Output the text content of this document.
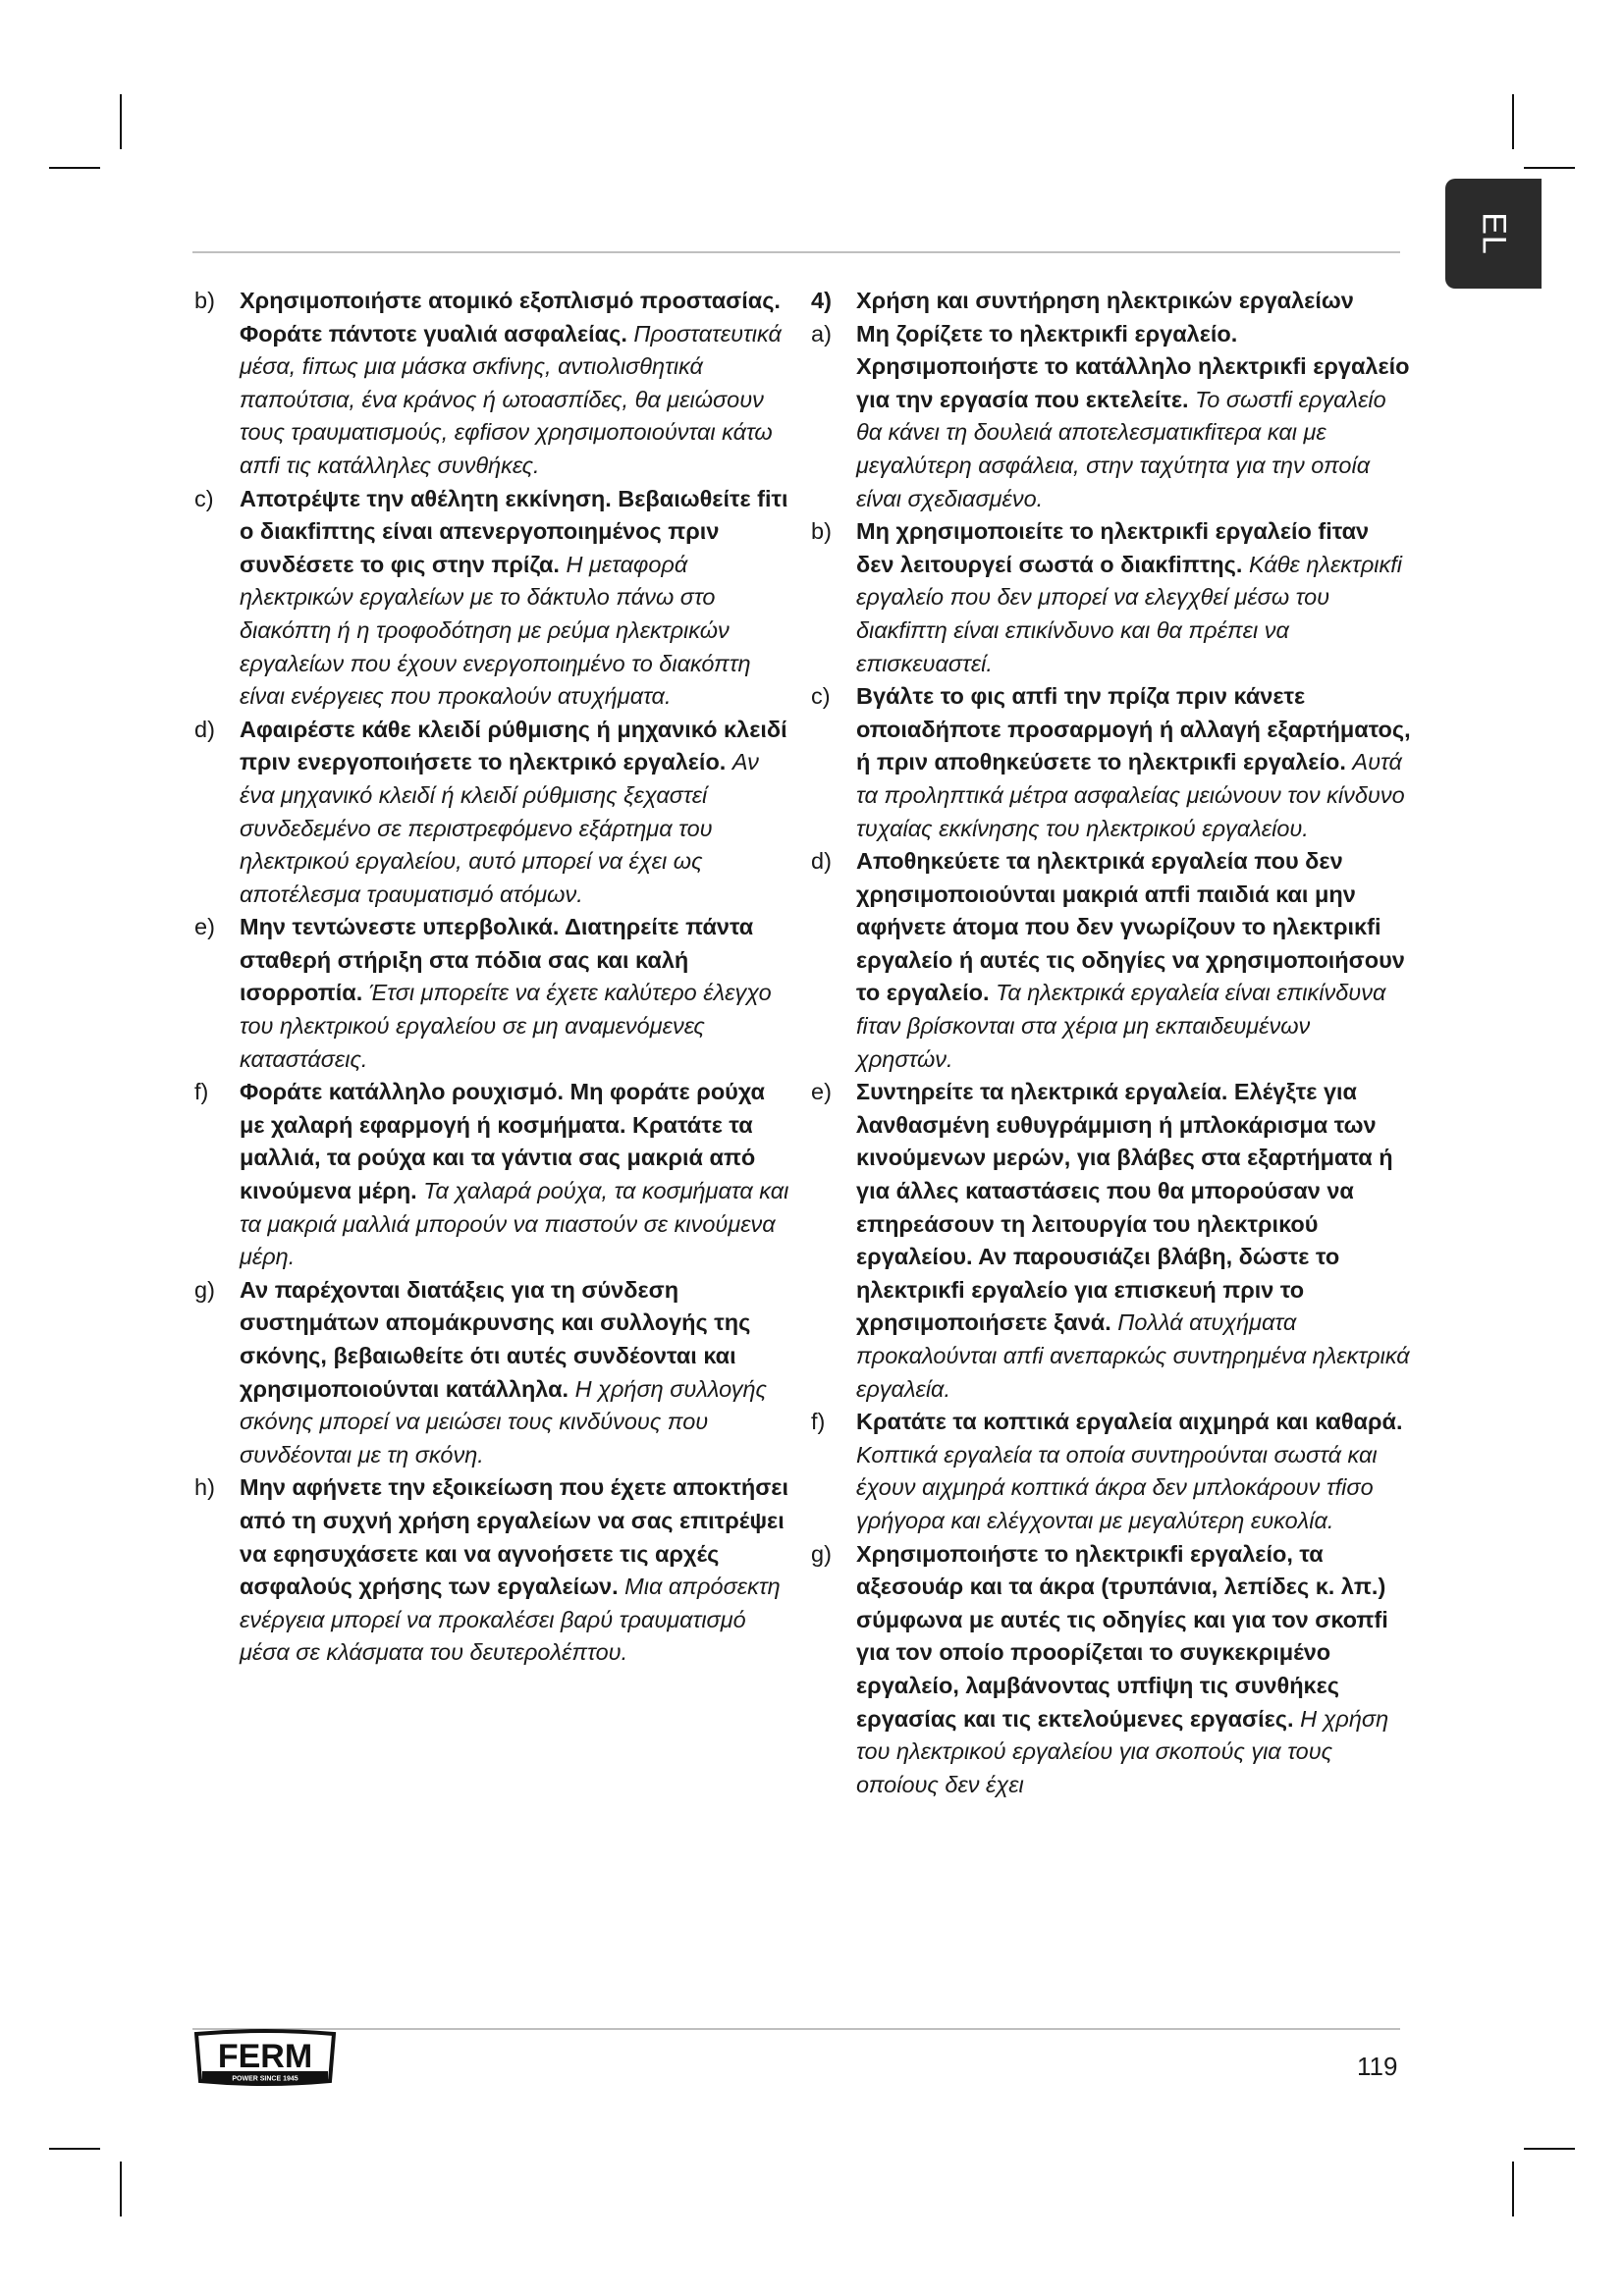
EL
b) Χρησιμοποιήστε ατομικό εξοπλισμό προστασίας. Φοράτε πάντοτε γυαλιά ασφαλείας. Προστατευτικά μέσα, fiπως μια μάσκα σκfiνης, αντιολισθητικά παπούτσια, ένα κράνος ή ωτοασπίδες, θα μειώσουν τους τραυματισμούς, εφfiσον χρησιμοποιούνται κάτω απfi τις κατάλληλες συνθήκες.
c) Αποτρέψτε την αθέλητη εκκίνηση. Βεβαιωθείτε fiτι ο διακfiπτης είναι απενεργοποιημένος πριν συνδέσετε το φις στην πρίζα. Η μεταφορά ηλεκτρικών εργαλείων με το δάκτυλο πάνω στο διακόπτη ή η τροφοδότηση με ρεύμα ηλεκτρικών εργαλείων που έχουν ενεργοποιημένο το διακόπτη είναι ενέργειες που προκαλούν ατυχήματα.
d) Αφαιρέστε κάθε κλειδί ρύθμισης ή μηχανικό κλειδί πριν ενεργοποιήσετε το ηλεκτρικό εργαλείο. Αν ένα μηχανικό κλειδί ή κλειδί ρύθμισης ξεχαστεί συνδεδεμένο σε περιστρεφόμενο εξάρτημα του ηλεκτρικού εργαλείου, αυτό μπορεί να έχει ως αποτέλεσμα τραυματισμό ατόμων.
e) Μην τεντώνεστε υπερβολικά. Διατηρείτε πάντα σταθερή στήριξη στα πόδια σας και καλή ισορροπία. Έτσι μπορείτε να έχετε καλύτερο έλεγχο του ηλεκτρικού εργαλείου σε μη αναμενόμενες καταστάσεις.
f) Φοράτε κατάλληλο ρουχισμό. Μη φοράτε ρούχα με χαλαρή εφαρμογή ή κοσμήματα. Κρατάτε τα μαλλιά, τα ρούχα και τα γάντια σας μακριά από κινούμενα μέρη. Τα χαλαρά ρούχα, τα κοσμήματα και τα μακριά μαλλιά μπορούν να πιαστούν σε κινούμενα μέρη.
g) Αν παρέχονται διατάξεις για τη σύνδεση συστημάτων απομάκρυνσης και συλλογής της σκόνης, βεβαιωθείτε ότι αυτές συνδέονται και χρησιμοποιούνται κατάλληλα. Η χρήση συλλογής σκόνης μπορεί να μειώσει τους κινδύνους που συνδέονται με τη σκόνη.
h) Μην αφήνετε την εξοικείωση που έχετε αποκτήσει από τη συχνή χρήση εργαλείων να σας επιτρέψει να εφησυχάσετε και να αγνοήσετε τις αρχές ασφαλούς χρήσης των εργαλείων. Μια απρόσεκτη ενέργεια μπορεί να προκαλέσει βαρύ τραυματισμό μέσα σε κλάσματα του δευτερολέπτου.
4) Χρήση και συντήρηση ηλεκτρικών εργαλείων
a) Μη ζορίζετε το ηλεκτρικfi εργαλείο. Χρησιμοποιήστε το κατάλληλο ηλεκτρικfi εργαλείο για την εργασία που εκτελείτε. Το σωστfi εργαλείο θα κάνει τη δουλειά αποτελεσματικfiτερα και με μεγαλύτερη ασφάλεια, στην ταχύτητα για την οποία είναι σχεδιασμένο.
b) Μη χρησιμοποιείτε το ηλεκτρικfi εργαλείο fiταν δεν λειτουργεί σωστά ο διακfiπτης. Κάθε ηλεκτρικfi εργαλείο που δεν μπορεί να ελεγχθεί μέσω του διακfiπτη είναι επικίνδυνο και θα πρέπει να επισκευαστεί.
c) Βγάλτε το φις απfi την πρίζα πριν κάνετε οποιαδήποτε προσαρμογή ή αλλαγή εξαρτήματος, ή πριν αποθηκεύσετε το ηλεκτρικfi εργαλείο. Αυτά τα προληπτικά μέτρα ασφαλείας μειώνουν τον κίνδυνο τυχαίας εκκίνησης του ηλεκτρικού εργαλείου.
d) Αποθηκεύετε τα ηλεκτρικά εργαλεία που δεν χρησιμοποιούνται μακριά απfi παιδιά και μην αφήνετε άτομα που δεν γνωρίζουν το ηλεκτρικfi εργαλείο ή αυτές τις οδηγίες να χρησιμοποιήσουν το εργαλείο. Τα ηλεκτρικά εργαλεία είναι επικίνδυνα fiταν βρίσκονται στα χέρια μη εκπαιδευμένων χρηστών.
e) Συντηρείτε τα ηλεκτρικά εργαλεία. Ελέγξτε για λανθασμένη ευθυγράμμιση ή μπλοκάρισμα των κινούμενων μερών, για βλάβες στα εξαρτήματα ή για άλλες καταστάσεις που θα μπορούσαν να επηρεάσουν τη λειτουργία του ηλεκτρικού εργαλείου. Αν παρουσιάζει βλάβη, δώστε το ηλεκτρικfi εργαλείο για επισκευή πριν το χρησιμοποιήσετε ξανά. Πολλά ατυχήματα προκαλούνται απfi ανεπαρκώς συντηρημένα ηλεκτρικά εργαλεία.
f) Κρατάτε τα κοπτικά εργαλεία αιχμηρά και καθαρά. Κοπτικά εργαλεία τα οποία συντηρούνται σωστά και έχουν αιχμηρά κοπτικά άκρα δεν μπλοκάρουν τfiσο γρήγορα και ελέγχονται με μεγαλύτερη ευκολία.
g) Χρησιμοποιήστε το ηλεκτρικfi εργαλείο, τα αξεσουάρ και τα άκρα (τρυπάνια, λεπίδες κ. λπ.) σύμφωνα με αυτές τις οδηγίες και για τον σκοπfi για τον οποίο προορίζεται το συγκεκριμένο εργαλείο, λαμβάνοντας υπfiψη τις συνθήκες εργασίας και τις εκτελούμενες εργασίες. Η χρήση του ηλεκτρικού εργαλείου για σκοπούς για τους οποίους δεν έχει
FERM
POWER SINCE 1945	119
